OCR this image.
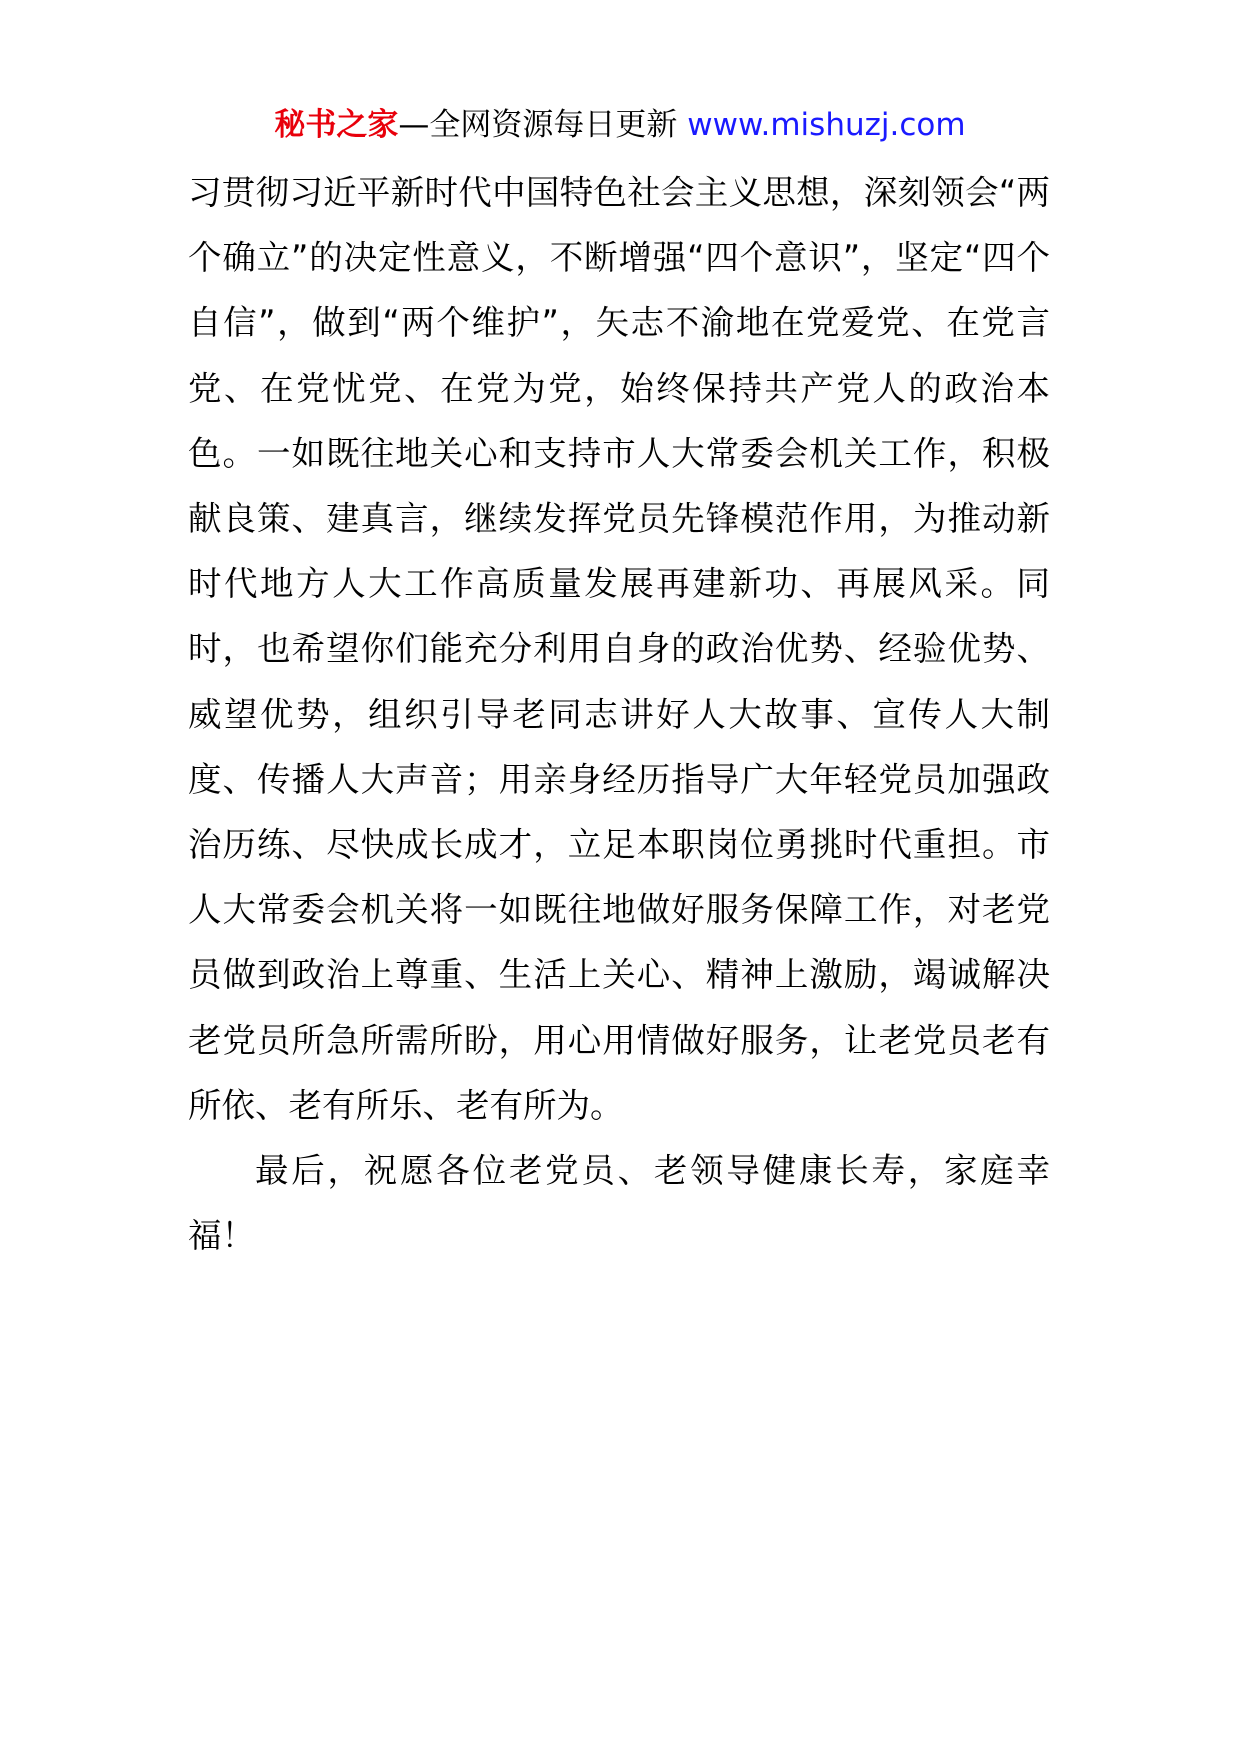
秘书之家—全网资源每日更新 www.mishuzj.com

习贯彻习近平新时代中国特色社会主义思想，深刻领会“两个确立”的决定性意义，不断增强“四个意识”，坚定“四个自信”，做到“两个维护”，矢志不渝地在党爱党、在党言党、在党忧党、在党为党，始终保持共产党人的政治本色。一如既往地关心和支持市人大常委会机关工作，积极献良策、建真言，继续发挥党员先锋模范作用，为推动新时代地方人大工作高质量发展再建新功、再展风采。同时，也希望你们能充分利用自身的政治优势、经验优势、威望优势，组织引导老同志讲好人大故事、宣传人大制度、传播人大声音；用亲身经历指导广大年轻党员加强政治历练、尽快成长成才，立足本职岗位勇挑时代重担。市人大常委会机关将一如既往地做好服务保障工作，对老党员做到政治上尊重、生活上关心、精神上激励，竭诚解决老党员所急所需所盼，用心用情做好服务，让老党员老有所依、老有所乐、老有所为。

最后，祝愿各位老党员、老领导健康长寿，家庭幸福！
